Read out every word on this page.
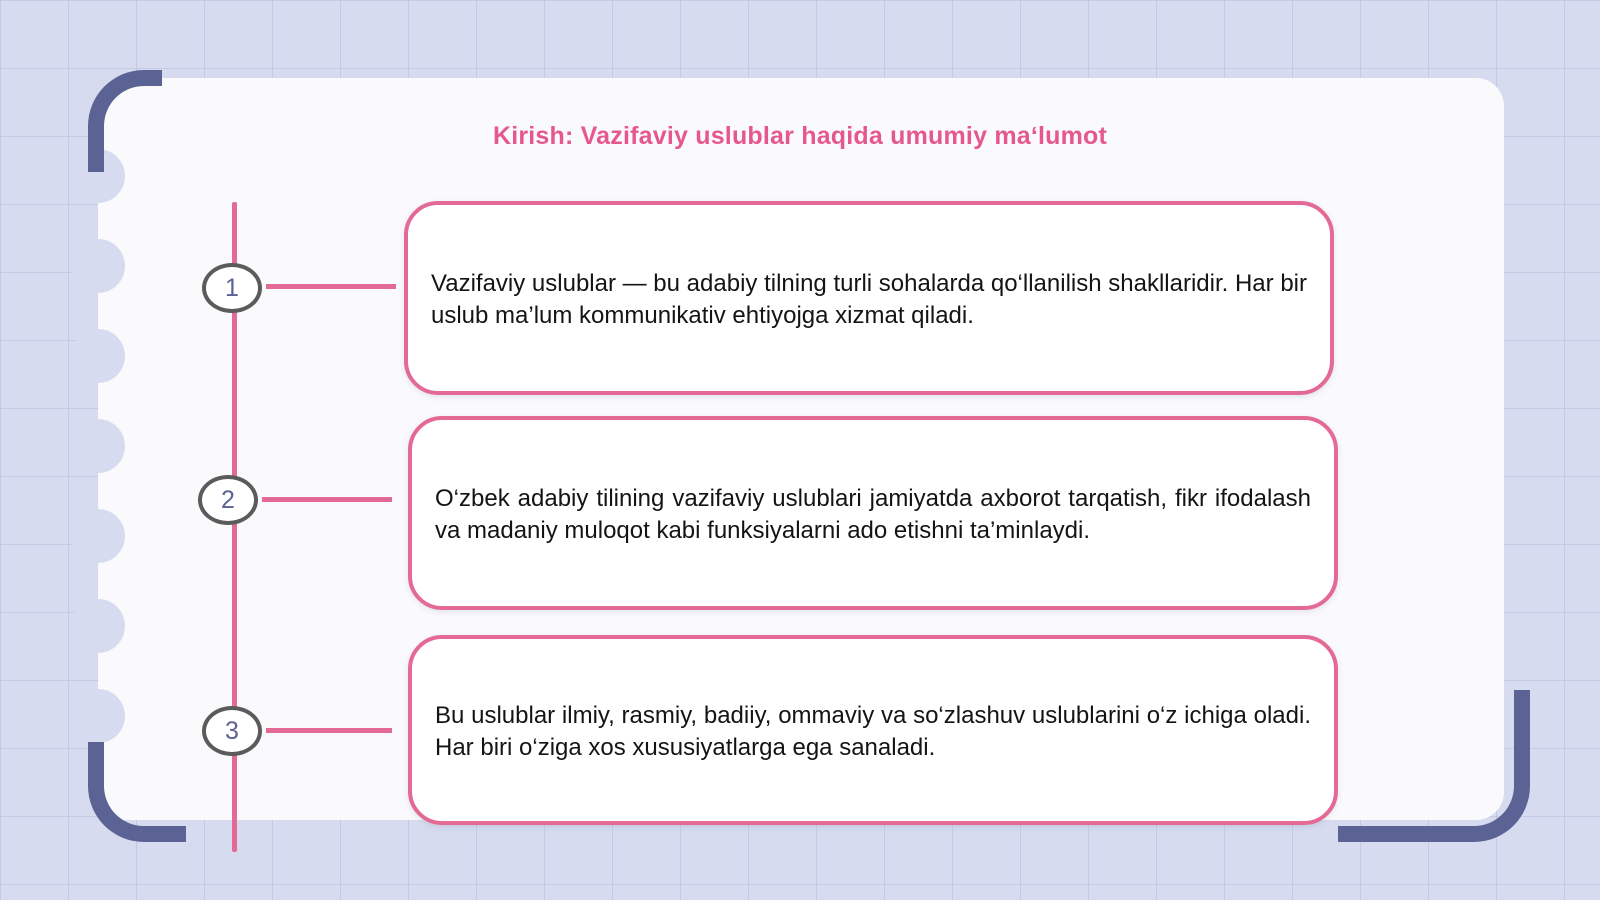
Kirish: Vazifaviy uslublar haqida umumiy maʻlumot
1
2
3
Vazifaviy uslublar — bu adabiy tilning turli sohalarda qo‘llanilish shakllaridir. Har bir uslub ma’lum kommunikativ ehtiyojga xizmat qiladi.
O‘zbek adabiy tilining vazifaviy uslublari jamiyatda axborot tarqatish, fikr ifodalash va madaniy muloqot kabi funksiyalarni ado etishni ta’minlaydi.
Bu uslublar ilmiy, rasmiy, badiiy, ommaviy va so‘zlashuv uslublarini o‘z ichiga oladi. Har biri o‘ziga xos xususiyatlarga ega sanaladi.
